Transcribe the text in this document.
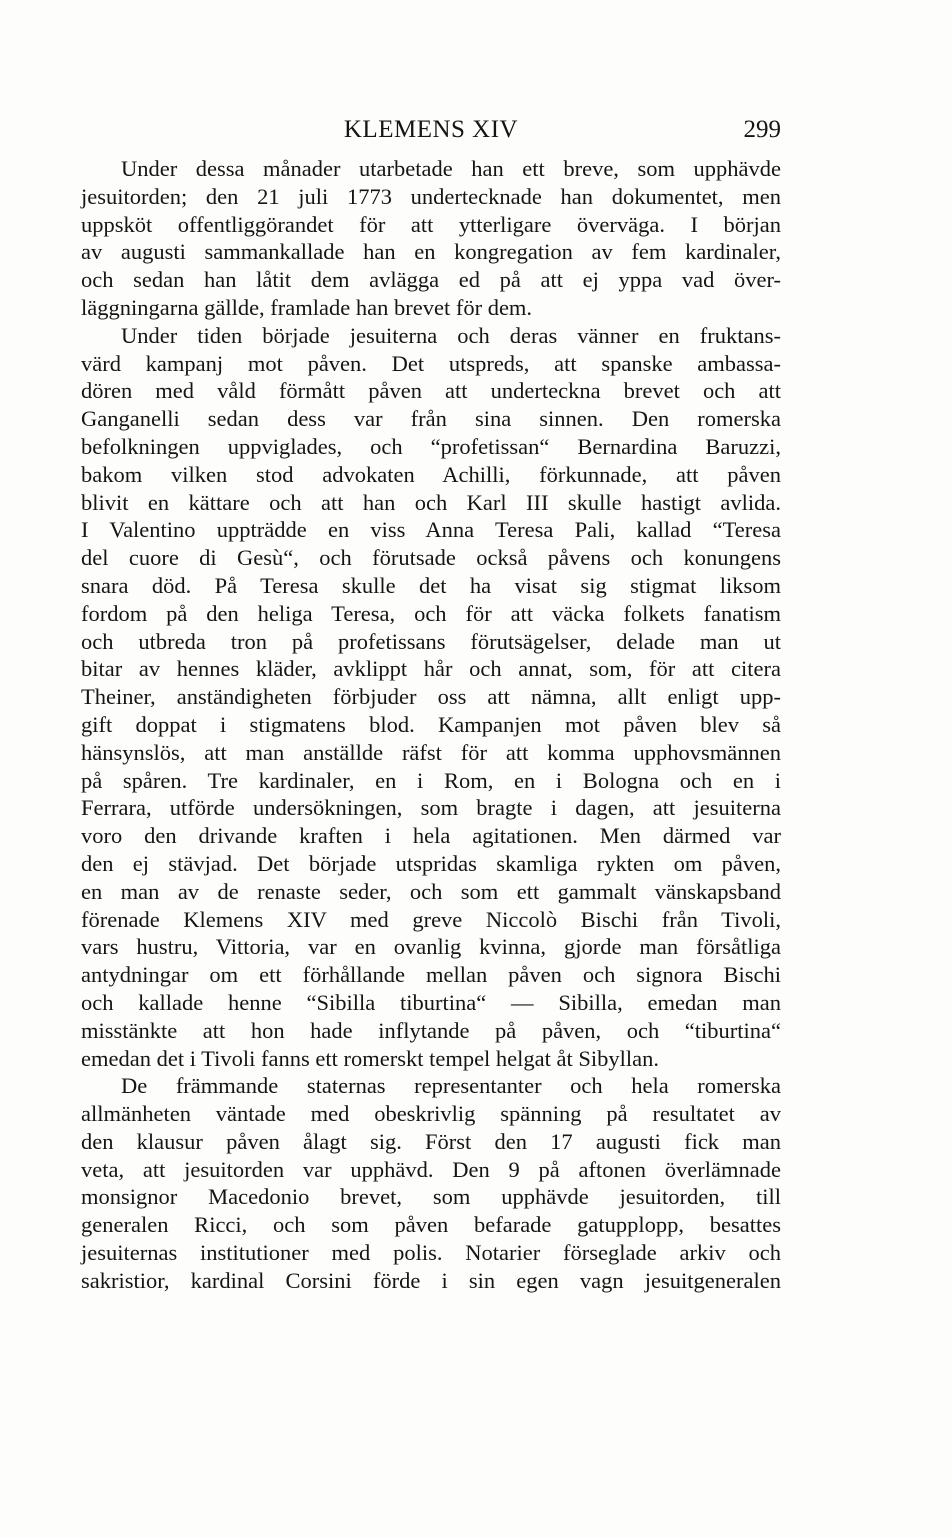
KLEMENS XIV	299
Under dessa månader utarbetade han ett breve, som upphävde
jesuitorden; den 21 juli 1773 undertecknade han dokumentet, men
uppsköt offentliggörandet för att ytterligare överväga. I början
av augusti sammankallade han en kongregation av fem kardinaler,
och sedan han låtit dem avlägga ed på att ej yppa vad över-
läggningarna gällde, framlade han brevet för dem.
Under tiden började jesuiterna och deras vänner en fruktans-
värd kampanj mot påven. Det utspreds, att spanske ambassa-
dören med våld förmått påven att underteckna brevet och att
Ganganelli sedan dess var från sina sinnen. Den romerska
befolkningen uppviglades, och “profetissan“ Bernardina Baruzzi,
bakom vilken stod advokaten Achilli, förkunnade, att påven
blivit en kättare och att han och Karl III skulle hastigt avlida.
I Valentino uppträdde en viss Anna Teresa Pali, kallad “Teresa
del cuore di Gesù“, och förutsade också påvens och konungens
snara död. På Teresa skulle det ha visat sig stigmat liksom
fordom på den heliga Teresa, och för att väcka folkets fanatism
och utbreda tron på profetissans förutsägelser, delade man ut
bitar av hennes kläder, avklippt hår och annat, som, för att citera
Theiner, anständigheten förbjuder oss att nämna, allt enligt upp-
gift doppat i stigmatens blod. Kampanjen mot påven blev så
hänsynslös, att man anställde räfst för att komma upphovsmännen
på spåren. Tre kardinaler, en i Rom, en i Bologna och en i
Ferrara, utförde undersökningen, som bragte i dagen, att jesuiterna
voro den drivande kraften i hela agitationen. Men därmed var
den ej stävjad. Det började utspridas skamliga rykten om påven,
en man av de renaste seder, och som ett gammalt vänskapsband
förenade Klemens XIV med greve Niccolò Bischi från Tivoli,
vars hustru, Vittoria, var en ovanlig kvinna, gjorde man försåtliga
antydningar om ett förhållande mellan påven och signora Bischi
och kallade henne “Sibilla tiburtina“ — Sibilla, emedan man
misstänkte att hon hade inflytande på påven, och “tiburtina“
emedan det i Tivoli fanns ett romerskt tempel helgat åt Sibyllan.
De främmande staternas representanter och hela romerska
allmänheten väntade med obeskrivlig spänning på resultatet av
den klausur påven ålagt sig. Först den 17 augusti fick man
veta, att jesuitorden var upphävd. Den 9 på aftonen överlämnade
monsignor Macedonio brevet, som upphävde jesuitorden, till
generalen Ricci, och som påven befarade gatupplopp, besattes
jesuiternas institutioner med polis. Notarier förseglade arkiv och
sakristior, kardinal Corsini förde i sin egen vagn jesuitgeneralen
